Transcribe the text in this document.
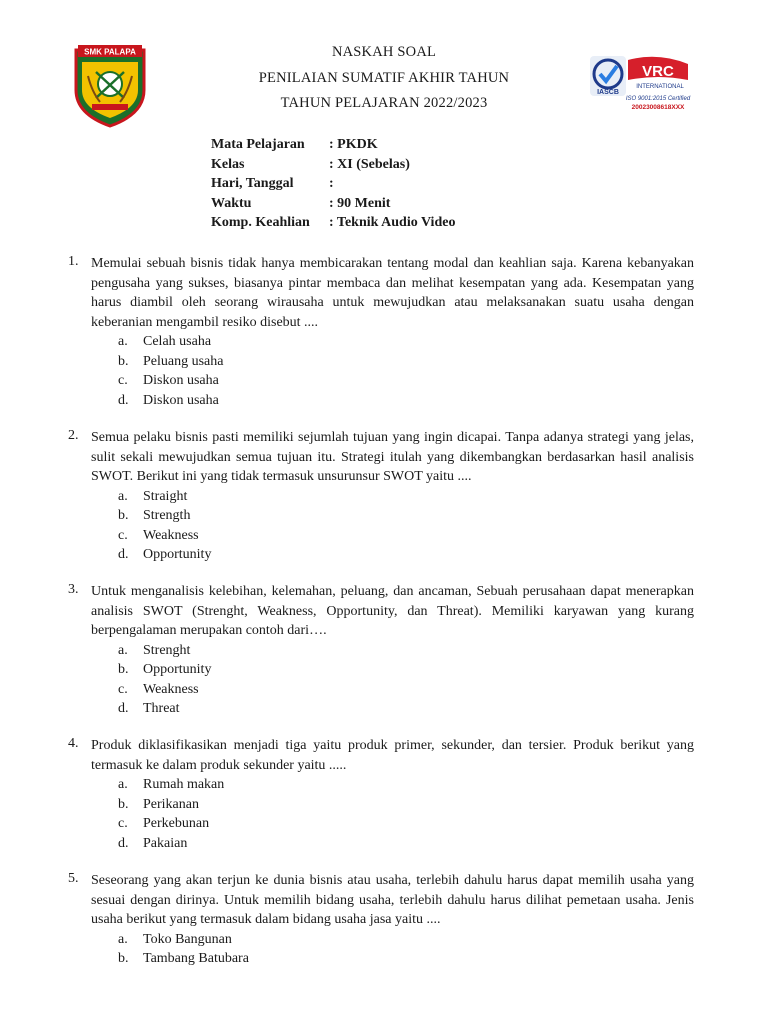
SMK PALAPA
IASCB
VRC
INTERNATIONAL
ISO 9001:2015 Certified
20023008618XXX
NASKAH SOAL
PENILAIAN SUMATIF AKHIR TAHUN
TAHUN PELAJARAN 2022/2023
Mata Pelajaran	: PKDK
Kelas	: XI (Sebelas)
Hari, Tanggal	:
Waktu	: 90 Menit
Komp. Keahlian	: Teknik Audio Video
1. Memulai sebuah bisnis tidak hanya membicarakan tentang modal dan keahlian saja. Karena kebanyakan pengusaha yang sukses, biasanya pintar membaca dan melihat kesempatan yang ada. Kesempatan yang harus diambil oleh seorang wirausaha untuk mewujudkan atau melaksanakan suatu usaha dengan keberanian mengambil resiko disebut ....
a.	Celah usaha
b.	Peluang usaha
c.	Diskon usaha
d.	Diskon usaha
2. Semua pelaku bisnis pasti memiliki sejumlah tujuan yang ingin dicapai. Tanpa adanya strategi yang jelas, sulit sekali mewujudkan semua tujuan itu. Strategi itulah yang dikembangkan berdasarkan hasil analisis SWOT. Berikut ini yang tidak termasuk unsurunsur SWOT yaitu ....
a.	Straight
b.	Strength
c.	Weakness
d.	Opportunity
3. Untuk menganalisis kelebihan, kelemahan, peluang, dan ancaman, Sebuah perusahaan dapat menerapkan analisis SWOT (Strenght, Weakness, Opportunity, dan Threat). Memiliki karyawan yang kurang berpengalaman merupakan contoh dari….
a.	Strenght
b.	Opportunity
c.	Weakness
d.	Threat
4. Produk diklasifikasikan menjadi tiga yaitu produk primer, sekunder, dan tersier. Produk berikut yang termasuk ke dalam produk sekunder yaitu .....
a.	Rumah makan
b.	Perikanan
c.	Perkebunan
d.	Pakaian
5. Seseorang yang akan terjun ke dunia bisnis atau usaha, terlebih dahulu harus dapat memilih usaha yang sesuai dengan dirinya. Untuk memilih bidang usaha, terlebih dahulu harus dilihat pemetaan usaha. Jenis usaha berikut yang termasuk dalam bidang usaha jasa yaitu ....
a.	Toko Bangunan
b.	Tambang Batubara
